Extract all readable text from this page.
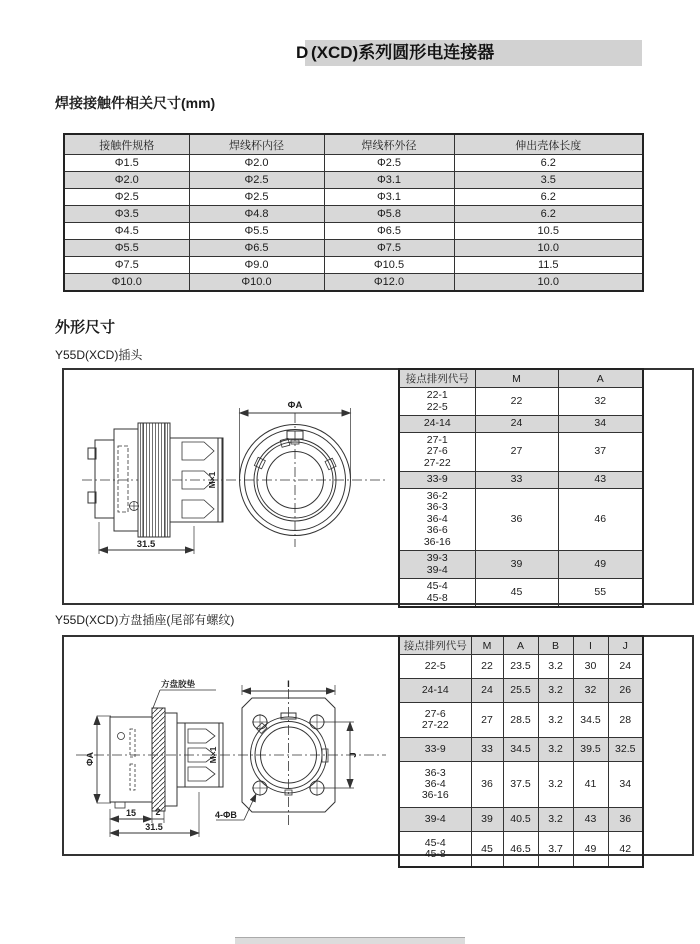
D (XCD)系列圆形电连接器
焊接接触件相关尺寸(mm)
接触件规格	焊线杯内径	焊线杯外径	伸出壳体长度
Φ1.5	Φ2.0	Φ2.5	6.2
Φ2.0	Φ2.5	Φ3.1	3.5
Φ2.5	Φ2.5	Φ3.1	6.2
Φ3.5	Φ4.8	Φ5.8	6.2
Φ4.5	Φ5.5	Φ6.5	10.5
Φ5.5	Φ6.5	Φ7.5	10.0
Φ7.5	Φ9.0	Φ10.5	11.5
Φ10.0	Φ10.0	Φ12.0	10.0
外形尺寸
Y55D(XCD)插头
31.5
M×1
ΦA
接点排列代号	M	A
22-1
22-5	22	32
24-14	24	34
27-1
27-6
27-22	27	37
33-9	33	43
36-2
36-3
36-4
36-6
36-16	36	46
39-3
39-4	39	49
45-4
45-8	45	55
Y55D(XCD)方盘插座(尾部有螺纹)
方盘胶垫
ΦA	M×1
15 2
31.5
I
J
4-ΦB
接点排列代号	M	A	B	I	J
22-5	22	23.5	3.2	30	24
24-14	24	25.5	3.2	32	26
27-6
27-22	27	28.5	3.2	34.5	28
33-9	33	34.5	3.2	39.5	32.5
36-3
36-4
36-16	36	37.5	3.2	41	34
39-4	39	40.5	3.2	43	36
45-4
45-8	45	46.5	3.7	49	42
